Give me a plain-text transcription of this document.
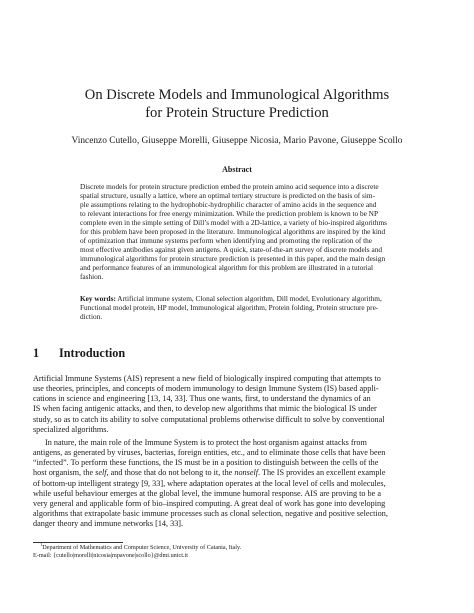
On Discrete Models and Immunological Algorithms
for Protein Structure Prediction
Vincenzo Cutello, Giuseppe Morelli, Giuseppe Nicosia, Mario Pavone, Giuseppe Scollo
Abstract
Discrete models for protein structure prediction embed the protein amino acid sequence into a discrete
spatial structure, usually a lattice, where an optimal tertiary structure is predicted on the basis of sim-
ple assumptions relating to the hydrophobic-hydrophilic character of amino acids in the sequence and
to relevant interactions for free energy minimization. While the prediction problem is known to be NP
complete even in the simple setting of Dill’s model with a 2D-lattice, a variety of bio-inspired algorithms
for this problem have been proposed in the literature. Immunological algorithms are inspired by the kind
of optimization that immune systems perform when identifying and promoting the replication of the
most effective antibodies against given antigens. A quick, state-of-the-art survey of discrete models and
immunological algorithms for protein structure prediction is presented in this paper, and the main design
and performance features of an immunological algorithm for this problem are illustrated in a tutorial
fashion.
Key words: Artificial immune system, Clonal selection algorithm, Dill model, Evolutionary algorithm,
Functional model protein, HP model, Immunological algorithm, Protein folding, Protein structure pre-
diction.
1 Introduction
Artificial Immune Systems (AIS) represent a new field of biologically inspired computing that attempts to
use theories, principles, and concepts of modern immunology to design Immune System (IS) based appli-
cations in science and engineering [13, 14, 33]. Thus one wants, first, to understand the dynamics of an
IS when facing antigenic attacks, and then, to develop new algorithms that mimic the biological IS under
study, so as to catch its ability to solve computational problems otherwise difficult to solve by conventional
specialized algorithms.
In nature, the main role of the Immune System is to protect the host organism against attacks from
antigens, as generated by viruses, bacterias, foreign entities, etc., and to eliminate those cells that have been
“infected”. To perform these functions, the IS must be in a position to distinguish between the cells of the
host organism, the self, and those that do not belong to it, the nonself. The IS provides an excellent example
of bottom-up intelligent strategy [9, 33], where adaptation operates at the local level of cells and molecules,
while useful behaviour emerges at the global level, the immune humoral response. AIS are proving to be a
very general and applicable form of bio–inspired computing. A great deal of work has gone into developing
algorithms that extrapolate basic immune processes such as clonal selection, negative and positive selection,
danger theory and immune networks [14, 33].
$^1$Department of Mathematics and Computer Science, University of Catania, Italy.
E-mail: {cutello|morelli|nicosia|mpavone|scollo}@dmi.unict.it
